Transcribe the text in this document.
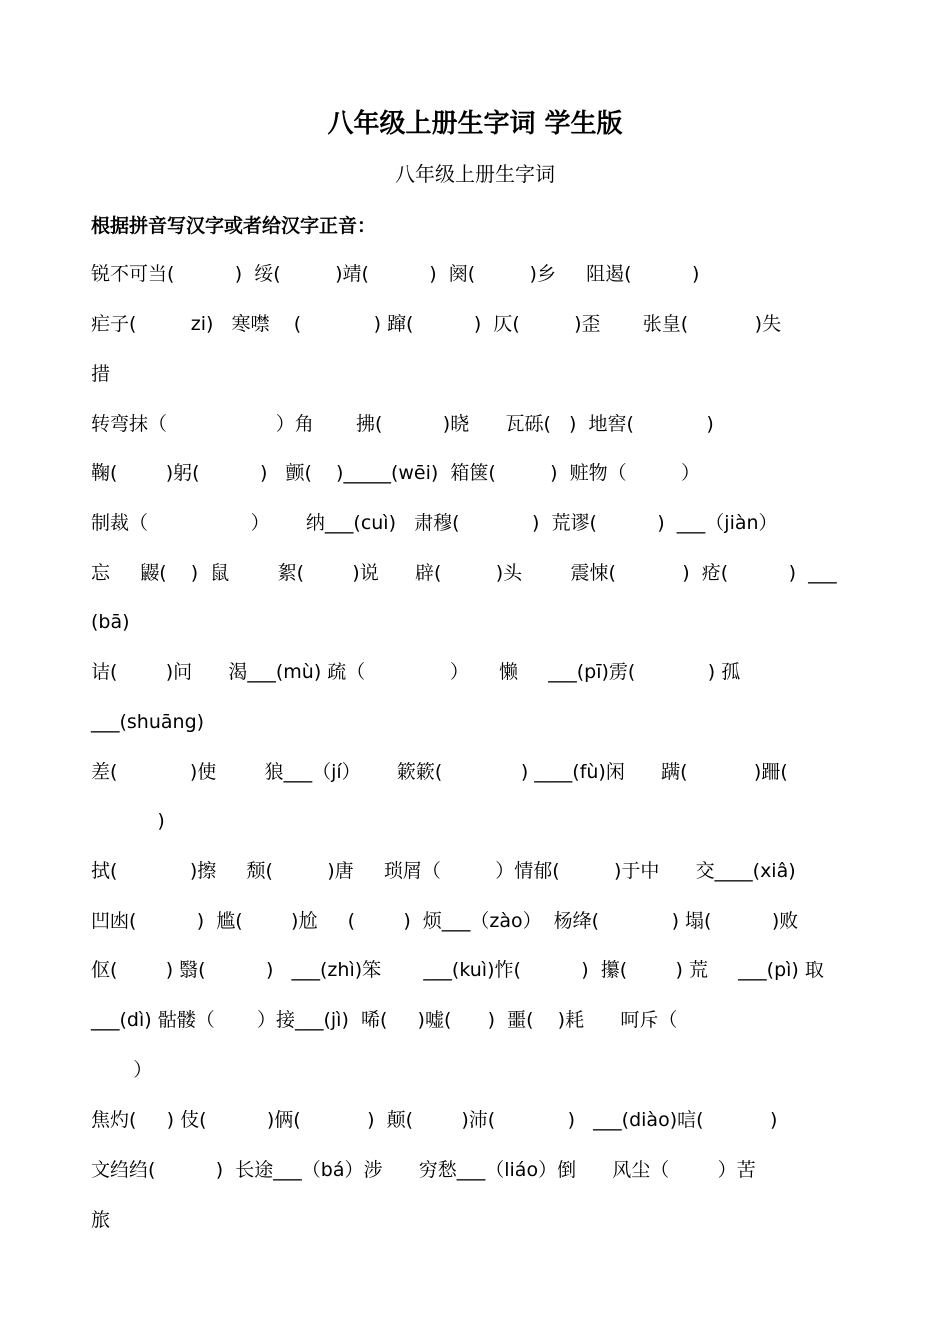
八年级上册生字词 学生版
八年级上册生字词
根据拼音写汉字或者给汉字正音：
锐不可当(          )  绥(         )靖(          )  阕(         )乡     阻遏(          )
疟子(         zi)   寒噤    (            ) 蹿(          )  仄(         )歪       张皇(           )失
措
转弯抹（                  ）角       拂(          )晓      瓦砾(   )  地窖(            )
鞠(        )躬(          )   颤(    )_____(wēi)  箱箧(         )  赃物（         ）
制裁（                 ）      纳___(cuì)   肃穆(            )  荒谬(          )  ___（jiàn）
忘     鼹(    )  鼠        絮(        )说      辟(         )头        震悚(           )  疮(          )  ___
(bā)
诘(        )问      渴___(mù) 疏（              ）     懒     ___(pī)雳(            ) 孤
___(shuāng)
差(            )使        狼___（jí）      簌簌(             ) ____(fù)闲      蹒(           )跚(
)
拭(            )擦     颓(         )唐     琐屑（         ）情郁(         )于中      交____(xiâ)
凹凼(          )  尴(        )尬     (        )  烦___（zào）  杨绛(            ) 塌(          )败
伛(        ) 翳(          )   ___(zhì)笨       ___(kuì)怍(          )  攥(        ) 荒     ___(pì) 取
___(dì) 骷髅（       ）接___(jì)  唏(     )嘘(      )  噩(    )耗      呵斥（
）
焦灼(     ) 伎(          )俩(           )  颠(        )沛(            )   ___(diào)唁(           )
文绉绉(          )  长途___（bá）涉      穷愁___（liáo）倒      风尘（        ）苦
旅
